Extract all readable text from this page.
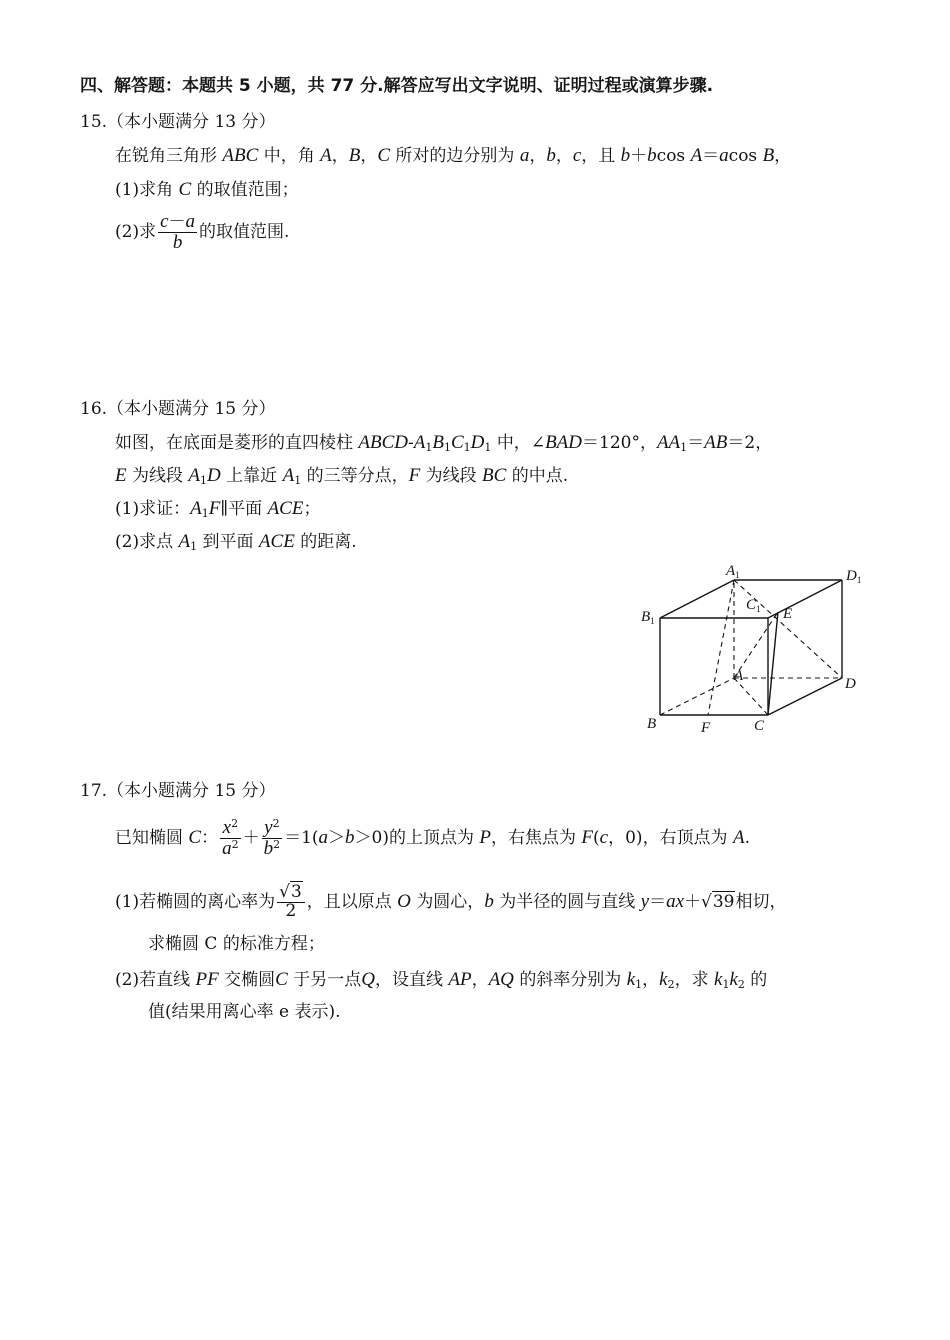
四、解答题：本题共 5 小题，共 77 分.解答应写出文字说明、证明过程或演算步骤.
15.（本小题满分 13 分）
在锐角三角形 ABC 中，角 A，B，C 所对的边分别为 a，b，c，且 b＋bcos A＝acos B，
(1)求角 C 的取值范围；
(2)求 $\frac{c-a}{b}$ 的取值范围.
16.（本小题满分 15 分）
如图，在底面是菱形的直四棱柱 ABCD-$A_1B_1C_1D_1$ 中，∠BAD＝120°，$AA_1=AB=2$，
E 为线段 $A_1D$ 上靠近 $A_1$ 的三等分点，F 为线段 BC 的中点.
(1)求证：$A_1F\parallel$平面 ACE；
(2)求点 $A_1$ 到平面 ACE 的距离.
$A_1$	$D_1$
$B_1$
$C_1$ E
A	D
B	F	C
17.（本小题满分 15 分）
已知椭圆 C： $\frac{x^2}{a^2} + \frac{y^2}{b^2} =1(a>b>0)$的上顶点为 P，右焦点为 F(c，0)，右顶点为 A.
(1)若椭圆的离心率为 $\frac{√3}{2}$ ，且以原点 O 为圆心，b 为半径的圆与直线 y＝ax＋√39相切，
求椭圆 C 的标准方程；
(2)若直线 PF 交椭圆C 于另一点Q，设直线 AP，AQ 的斜率分别为 $k_1$，$k_2$，求 $k_1k_2$ 的
值(结果用离心率 e 表示).
